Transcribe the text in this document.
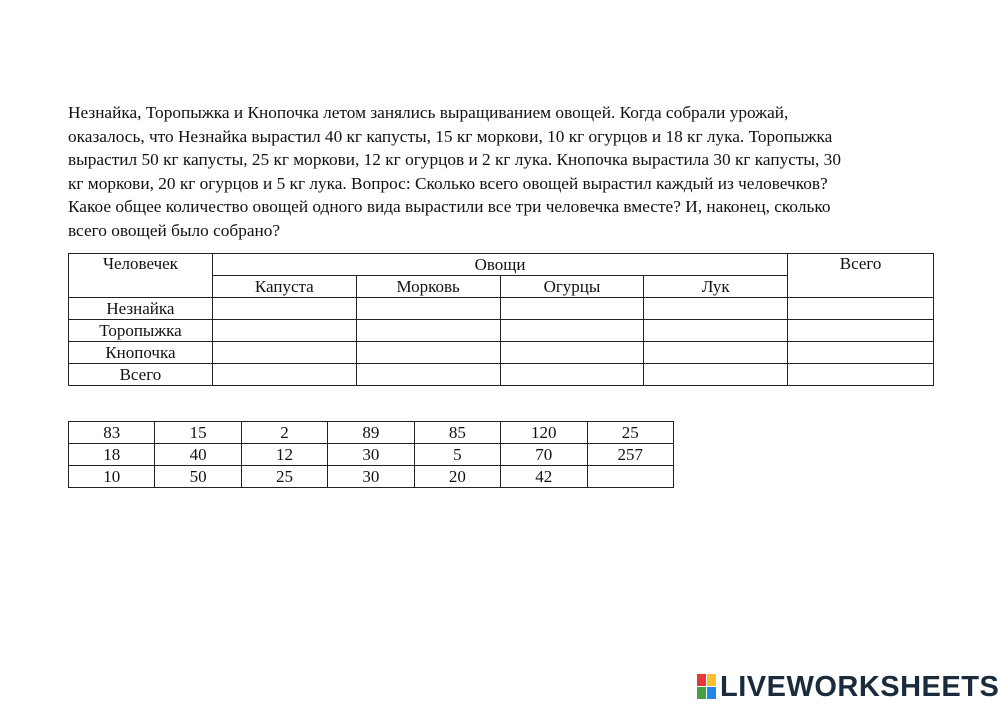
Незнайка, Торопыжка и Кнопочка летом занялись выращиванием овощей. Когда собрали урожай,
оказалось, что Незнайка вырастил 40 кг капусты, 15 кг моркови, 10 кг огурцов и 18 кг лука. Торопыжка
вырастил 50 кг капусты, 25 кг моркови, 12 кг огурцов и 2 кг лука. Кнопочка вырастила 30 кг капусты, 30
кг моркови, 20 кг огурцов и 5 кг лука. Вопрос: Сколько всего овощей вырастил каждый из человечков?
Какое общее количество овощей одного вида вырастили все три человечка вместе? И, наконец, сколько
всего овощей было собрано?
Человечек	Овощи				Всего
	Капуста	Морковь	Огурцы	Лук	
Незнайка					
Торопыжка					
Кнопочка					
Всего					
83	15	2	89	85	120	25
18	40	12	30	5	70	257
10	50	25	30	20	42	
LIVEWORKSHEETS
